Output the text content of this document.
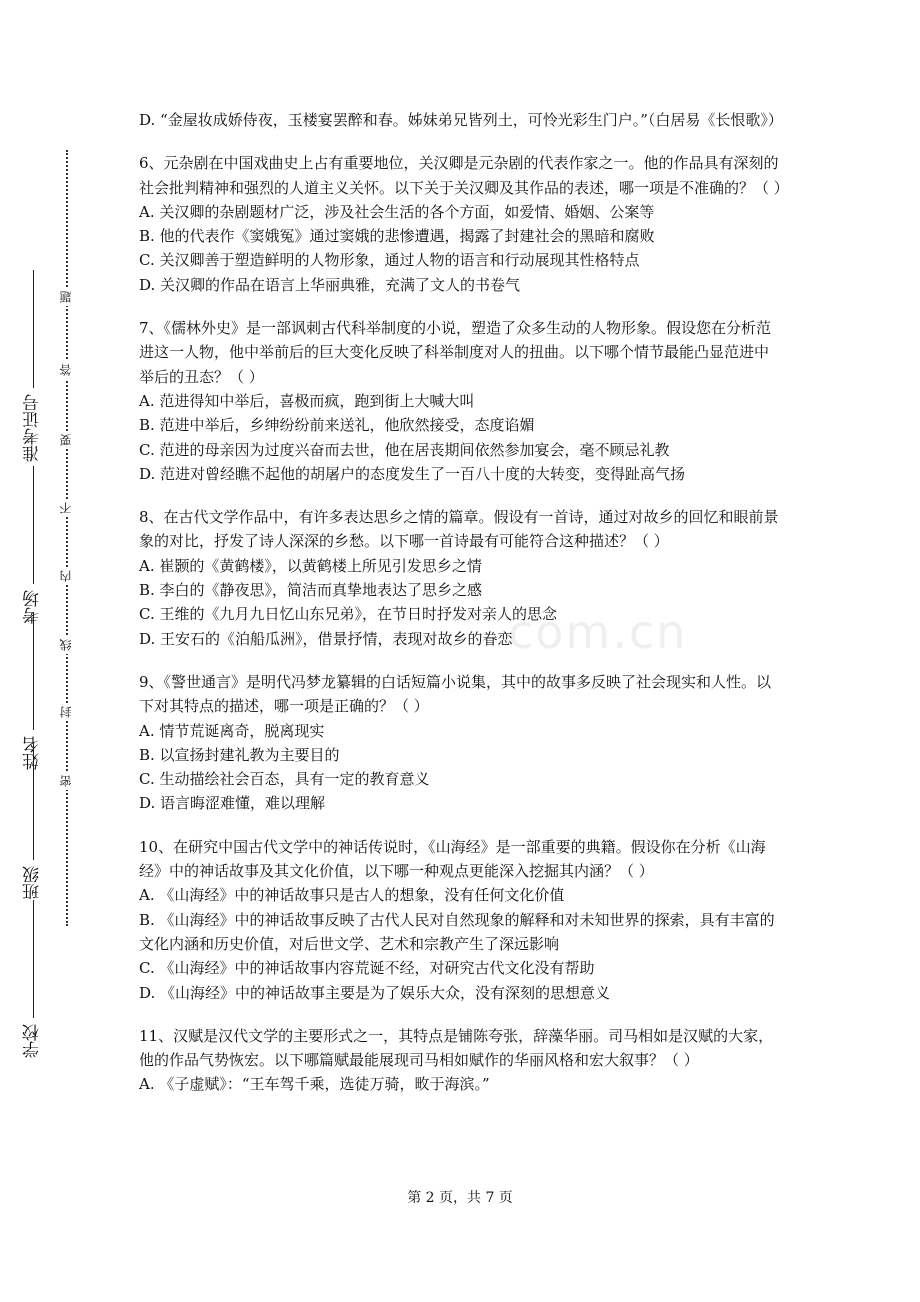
准考证号
考场
姓名
班级
学校
密
封
线
内
不
要
答
题
com.cn

D. “金屋妆成娇侍夜，玉楼宴罢醉和春。姊妹弟兄皆列土，可怜光彩生门户。”（白居易《长恨歌》）

6、元杂剧在中国戏曲史上占有重要地位，关汉卿是元杂剧的代表作家之一。他的作品具有深刻的社会批判精神和强烈的人道主义关怀。以下关于关汉卿及其作品的表述，哪一项是不准确的？（ ）

A. 关汉卿的杂剧题材广泛，涉及社会生活的各个方面，如爱情、婚姻、公案等

B. 他的代表作《窦娥冤》通过窦娥的悲惨遭遇，揭露了封建社会的黑暗和腐败

C. 关汉卿善于塑造鲜明的人物形象，通过人物的语言和行动展现其性格特点

D. 关汉卿的作品在语言上华丽典雅，充满了文人的书卷气

7、《儒林外史》是一部讽刺古代科举制度的小说，塑造了众多生动的人物形象。假设您在分析范进这一人物，他中举前后的巨大变化反映了科举制度对人的扭曲。以下哪个情节最能凸显范进中举后的丑态？（ ）

A. 范进得知中举后，喜极而疯，跑到街上大喊大叫

B. 范进中举后，乡绅纷纷前来送礼，他欣然接受，态度谄媚

C. 范进的母亲因为过度兴奋而去世，他在居丧期间依然参加宴会，毫不顾忌礼教

D. 范进对曾经瞧不起他的胡屠户的态度发生了一百八十度的大转变，变得趾高气扬

8、在古代文学作品中，有许多表达思乡之情的篇章。假设有一首诗，通过对故乡的回忆和眼前景象的对比，抒发了诗人深深的乡愁。以下哪一首诗最有可能符合这种描述？（ ）

A. 崔颢的《黄鹤楼》，以黄鹤楼上所见引发思乡之情

B. 李白的《静夜思》，简洁而真挚地表达了思乡之感

C. 王维的《九月九日忆山东兄弟》，在节日时抒发对亲人的思念

D. 王安石的《泊船瓜洲》，借景抒情，表现对故乡的眷恋

9、《警世通言》是明代冯梦龙纂辑的白话短篇小说集，其中的故事多反映了社会现实和人性。以下对其特点的描述，哪一项是正确的？（ ）

A. 情节荒诞离奇，脱离现实

B. 以宣扬封建礼教为主要目的

C. 生动描绘社会百态，具有一定的教育意义

D. 语言晦涩难懂，难以理解

10、在研究中国古代文学中的神话传说时，《山海经》是一部重要的典籍。假设你在分析《山海经》中的神话故事及其文化价值，以下哪一种观点更能深入挖掘其内涵？（ ）

A. 《山海经》中的神话故事只是古人的想象，没有任何文化价值

B. 《山海经》中的神话故事反映了古代人民对自然现象的解释和对未知世界的探索，具有丰富的文化内涵和历史价值，对后世文学、艺术和宗教产生了深远影响

C. 《山海经》中的神话故事内容荒诞不经，对研究古代文化没有帮助

D. 《山海经》中的神话故事主要是为了娱乐大众，没有深刻的思想意义

11、汉赋是汉代文学的主要形式之一，其特点是铺陈夸张，辞藻华丽。司马相如是汉赋的大家，他的作品气势恢宏。以下哪篇赋最能展现司马相如赋作的华丽风格和宏大叙事？（ ）

A. 《子虚赋》：“王车驾千乘，选徒万骑，畋于海滨。”

第 2 页，共 7 页
